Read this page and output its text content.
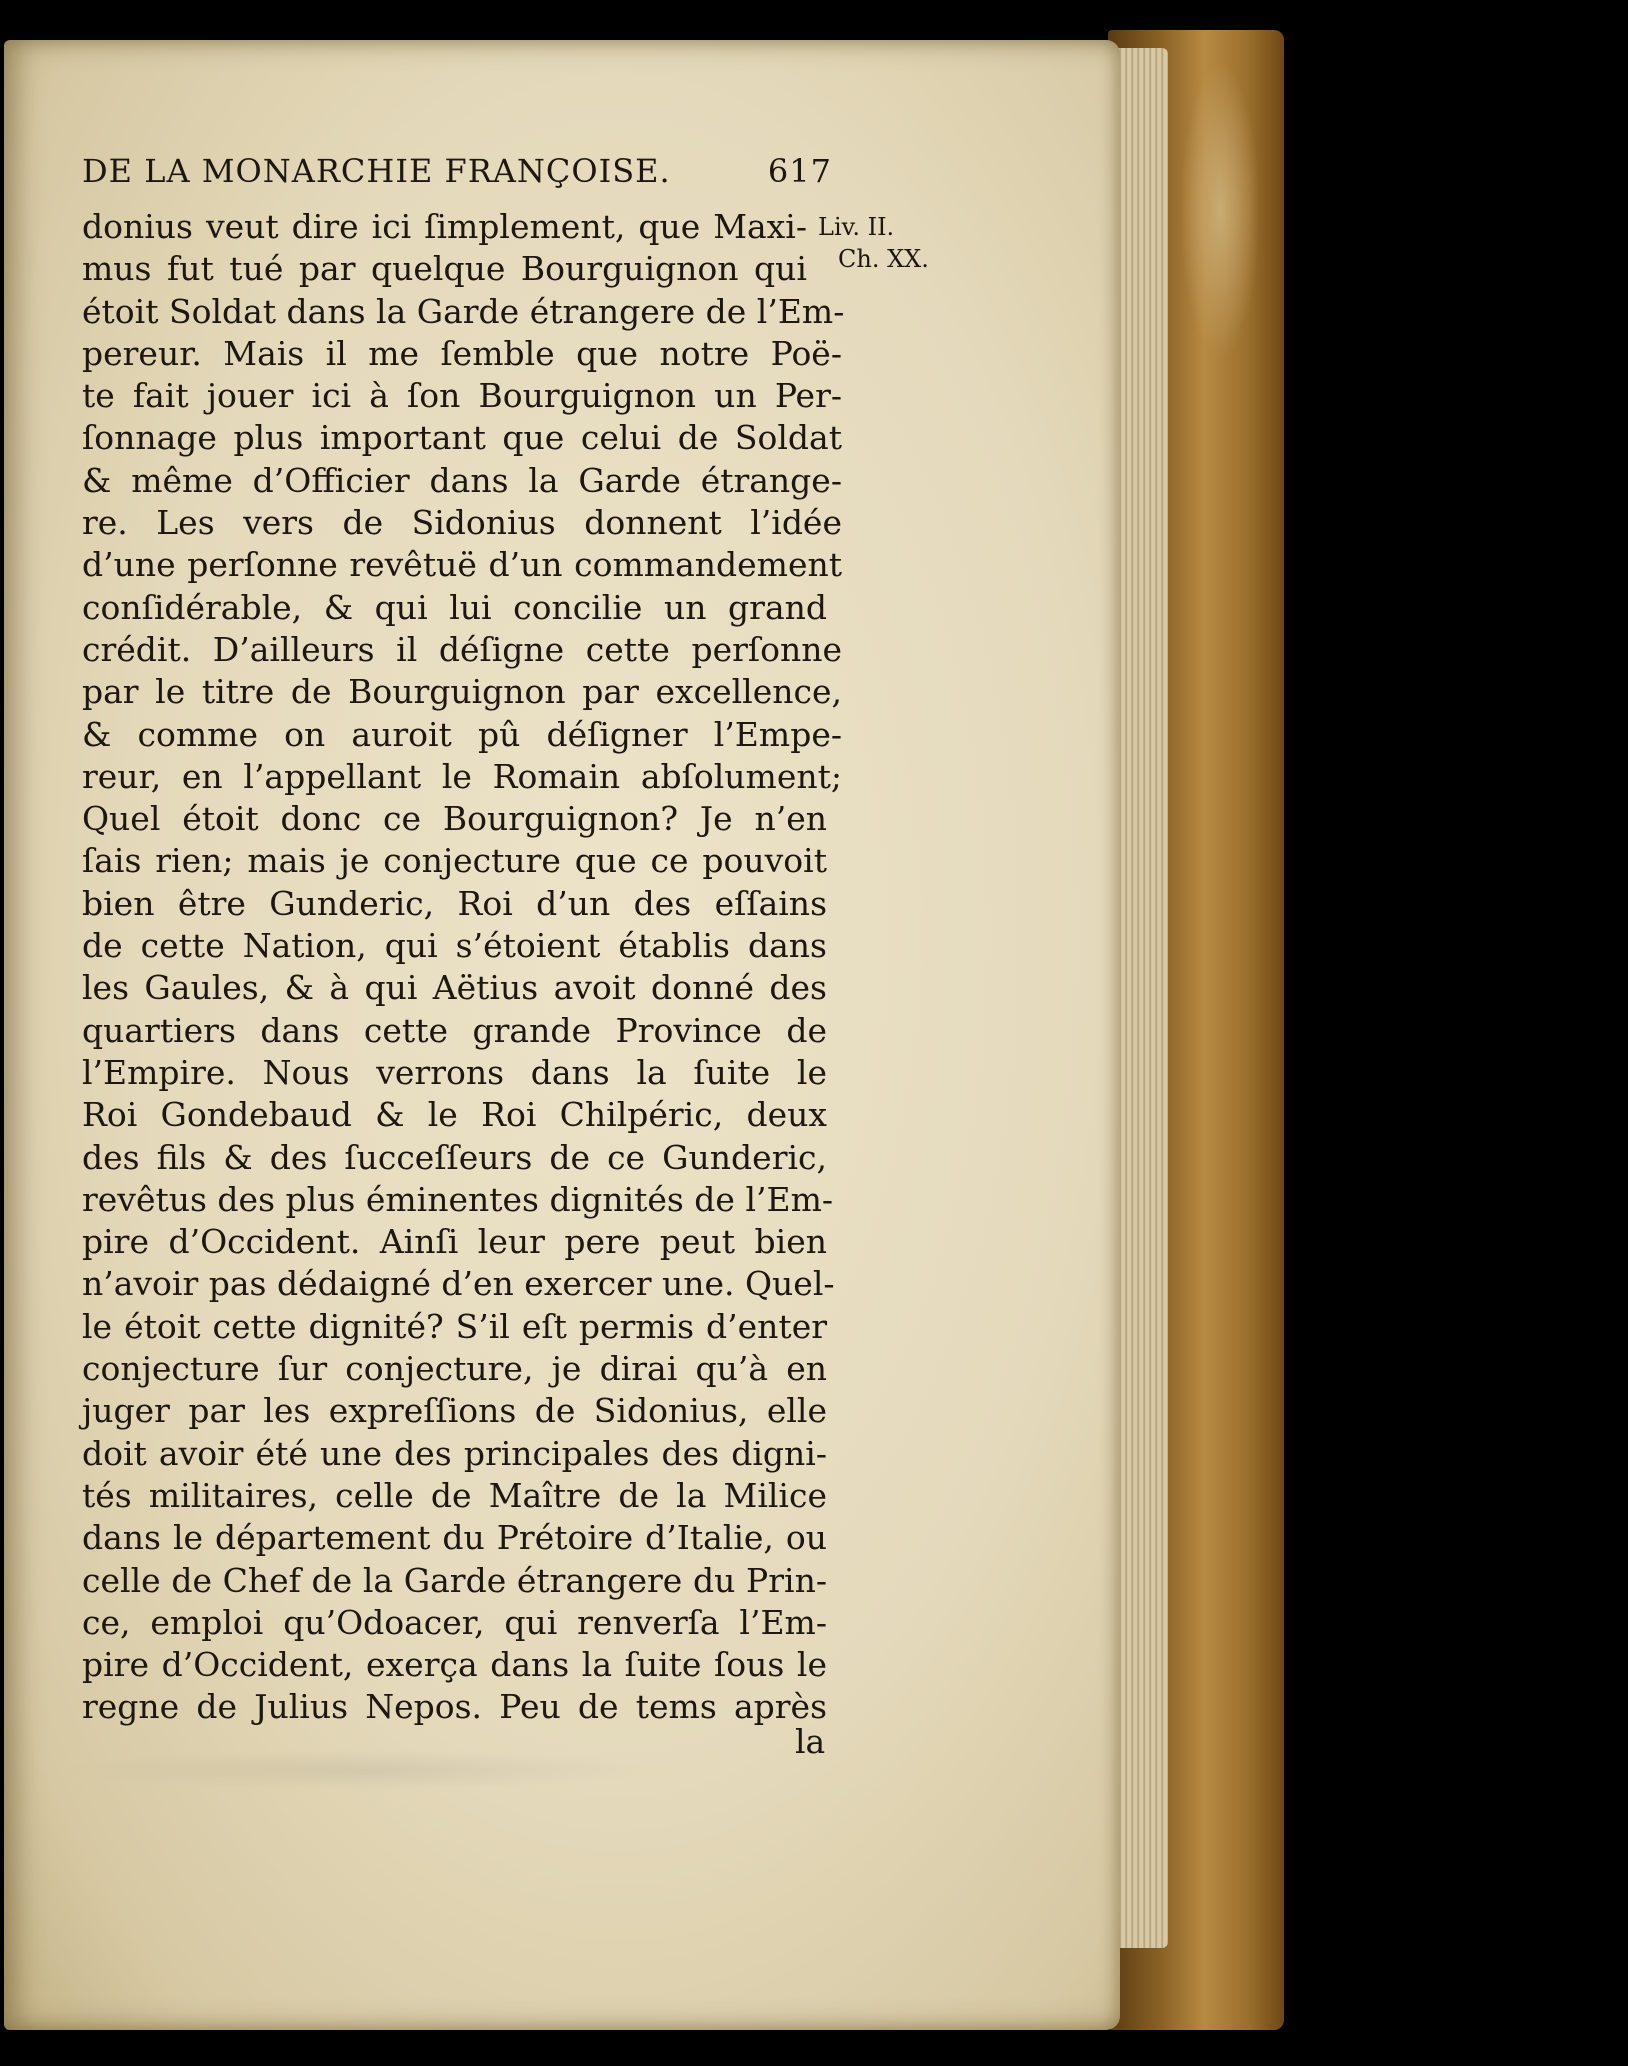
DE LA MONARCHIE FRANÇOISE.	617
Liv. II.
Ch. XX.
donius veut dire ici ſimplement, que Maxi-
mus fut tué par quelque Bourguignon qui
étoit Soldat dans la Garde étrangere de l’Em-
pereur. Mais il me ſemble que notre Poë-
te fait jouer ici à ſon Bourguignon un Per-
ſonnage plus important que celui de Soldat
& même d’Officier dans la Garde étrange-
re. Les vers de Sidonius donnent l’idée
d’une perſonne revêtuë d’un commandement
conſidérable, & qui lui concilie un grand
crédit. D’ailleurs il déſigne cette perſonne
par le titre de Bourguignon par excellence,
& comme on auroit pû déſigner l’Empe-
reur, en l’appellant le Romain abſolument;
Quel étoit donc ce Bourguignon? Je n’en
ſais rien; mais je conjecture que ce pouvoit
bien être Gunderic, Roi d’un des eſſains
de cette Nation, qui s’étoient établis dans
les Gaules, & à qui Aëtius avoit donné des
quartiers dans cette grande Province de
l’Empire. Nous verrons dans la ſuite le
Roi Gondebaud & le Roi Chilpéric, deux
des fils & des ſucceſſeurs de ce Gunderic,
revêtus des plus éminentes dignités de l’Em-
pire d’Occident. Ainſi leur pere peut bien
n’avoir pas dédaigné d’en exercer une. Quel-
le étoit cette dignité? S’il eſt permis d’enter
conjecture ſur conjecture, je dirai qu’à en
juger par les expreſſions de Sidonius, elle
doit avoir été une des principales des digni-
tés militaires, celle de Maître de la Milice
dans le département du Prétoire d’Italie, ou
celle de Chef de la Garde étrangere du Prin-
ce, emploi qu’Odoacer, qui renverſa l’Em-
pire d’Occident, exerça dans la ſuite ſous le
regne de Julius Nepos. Peu de tems après
la
